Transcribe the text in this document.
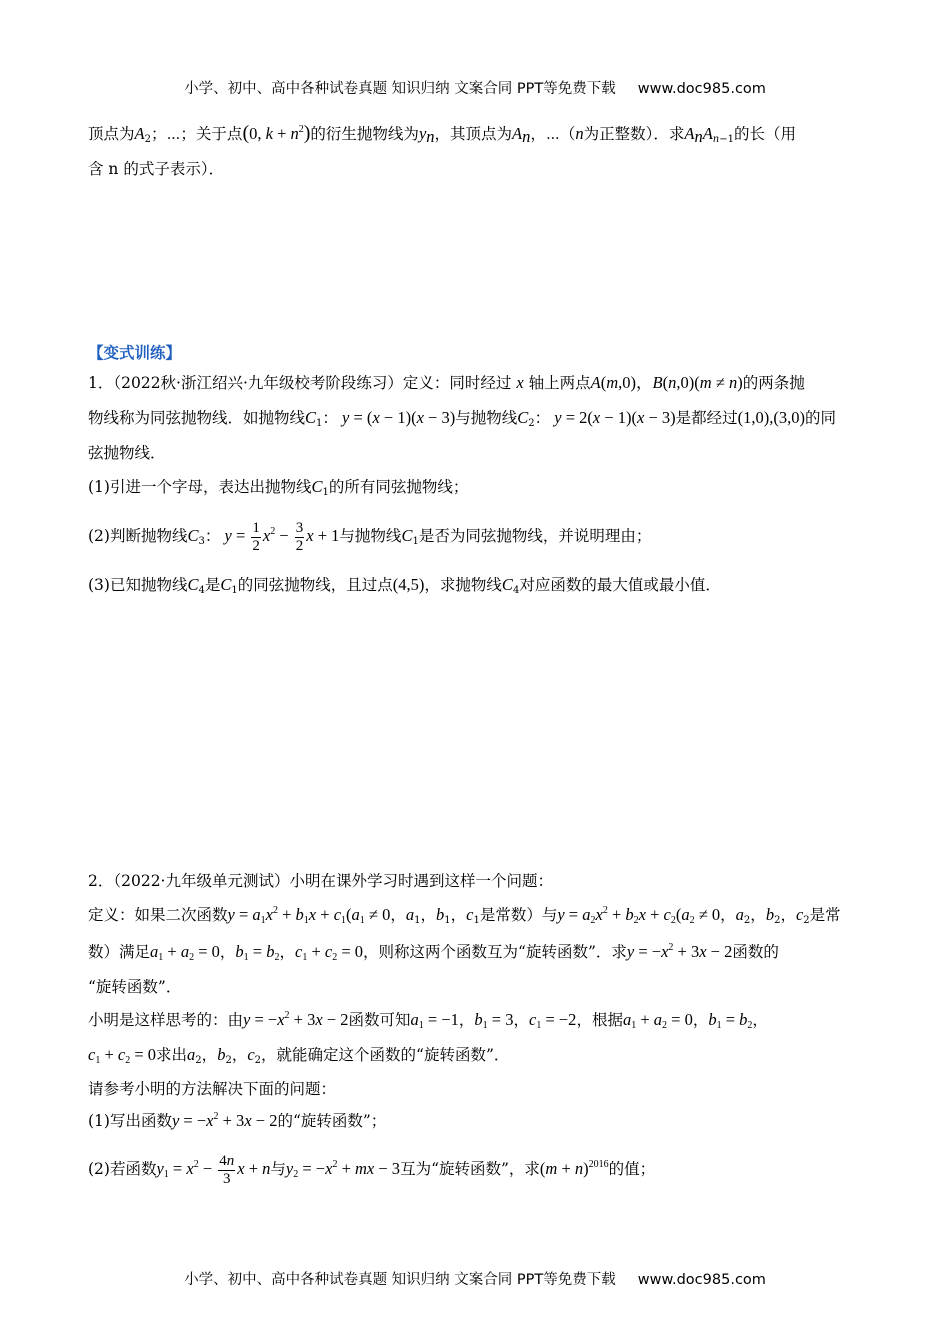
小学、初中、高中各种试卷真题 知识归纳 文案合同 PPT等免费下载 www.doc985.com
顶点为$A_2$；⋯；关于点(0, $k + n^2$)的衍生抛物线为$y_n$，其顶点为$A_n$，⋯（n为正整数）．求$A_nA_{n-1}$的长（用
含 n 的式子表示）．
【变式训练】
1．（2022秋·浙江绍兴·九年级校考阶段练习）定义：同时经过 x 轴上两点A(m,0)，B(n,0)(m ≠ n)的两条抛
物线称为同弦抛物线．如抛物线$C_1$： y = (x − 1)(x − 3)与抛物线$C_2$： y = 2(x − 1)(x − 3)是都经过(1,0),(3,0)的同
弦抛物线．
(1)引进一个字母，表达出抛物线$C_1$的所有同弦抛物线；
(2)判断抛物线$C_3$： $y = \frac{1}{2} x^2 - \frac{3}{2}$ x + 1与抛物线$C_1$是否为同弦抛物线，并说明理由；
(3)已知抛物线$C_4$是$C_1$的同弦抛物线，且过点(4,5)，求抛物线$C_4$对应函数的最大值或最小值．
2．（2022·九年级单元测试）小明在课外学习时遇到这样一个问题：
定义：如果二次函数$y = a_1x^2 + b_1x + c_1(a_1 \ne 0$，$a_1$，$b_1$，$c_1$是常数）与$y = a_2x^2 + b_2x + c_2(a_2 \ne 0$，$a_2$，$b_2$，$c_2$是常
数）满足$a_1 + a_2 = 0$，$b_1 = b_2$，$c_1 + c_2 = 0$，则称这两个函数互为“旋转函数”．求$y = -x^2 + 3x - 2$函数的
“旋转函数”．
小明是这样思考的：由$y = -x^2 + 3x - 2$函数可知$a_1 = -1$，$b_1 = 3$，$c_1 = -2$，根据$a_1 + a_2 = 0$，$b_1 = b_2$，
$c_1 + c_2 = 0$求出$a_2$，$b_2$，$c_2$，就能确定这个函数的“旋转函数”．
请参考小明的方法解决下面的问题：
(1)写出函数$y = -x^2 + 3x - 2$的“旋转函数”；
(2)若函数$y_1 = x^2 - \frac{4n}{3}$ x + n与$y_2 = -x^2$ + mx − 3互为“旋转函数”，求$(m + n)^{2016}$的值；
小学、初中、高中各种试卷真题 知识归纳 文案合同 PPT等免费下载 www.doc985.com
